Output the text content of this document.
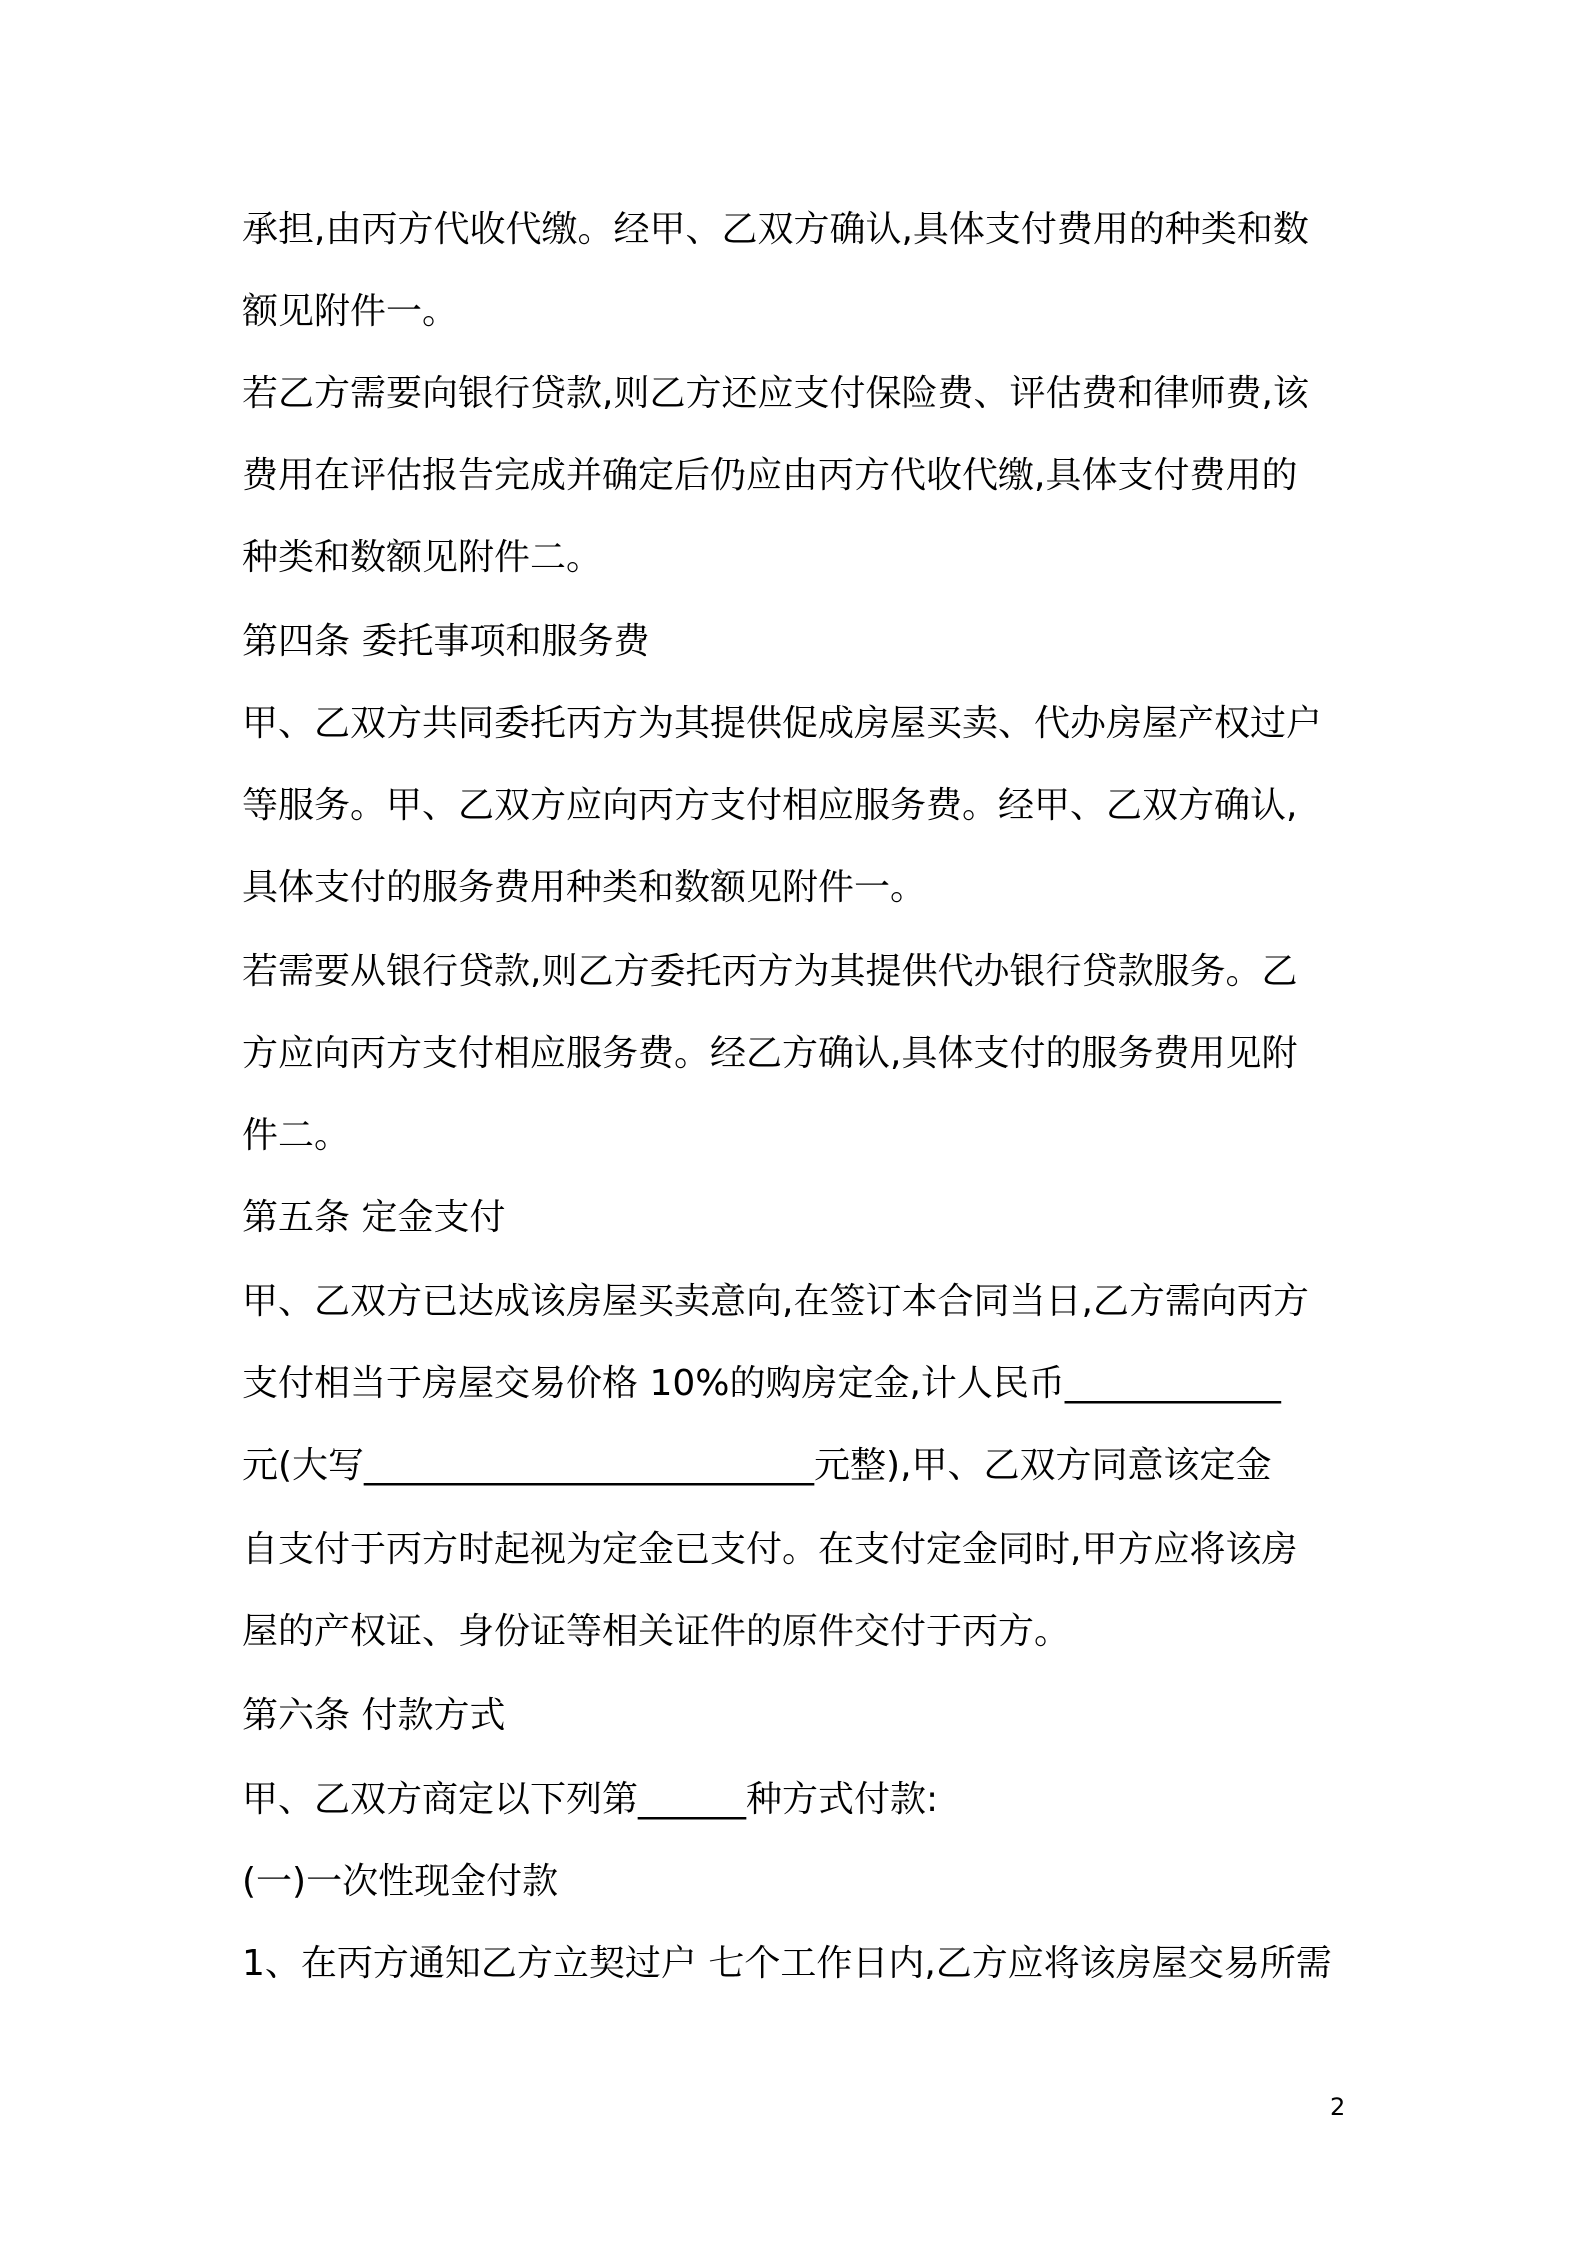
承担,由丙方代收代缴。经甲、乙双方确认,具体支付费用的种类和数
额见附件一。
若乙方需要向银行贷款,则乙方还应支付保险费、评估费和律师费,该
费用在评估报告完成并确定后仍应由丙方代收代缴,具体支付费用的
种类和数额见附件二。
第四条 委托事项和服务费
甲、乙双方共同委托丙方为其提供促成房屋买卖、代办房屋产权过户
等服务。甲、乙双方应向丙方支付相应服务费。经甲、乙双方确认,
具体支付的服务费用种类和数额见附件一。
若需要从银行贷款,则乙方委托丙方为其提供代办银行贷款服务。乙
方应向丙方支付相应服务费。经乙方确认,具体支付的服务费用见附
件二。
第五条 定金支付
甲、乙双方已达成该房屋买卖意向,在签订本合同当日,乙方需向丙方
支付相当于房屋交易价格 10%的购房定金,计人民币____________
元(大写_________________________元整),甲、乙双方同意该定金
自支付于丙方时起视为定金已支付。在支付定金同时,甲方应将该房
屋的产权证、身份证等相关证件的原件交付于丙方。
第六条 付款方式
甲、乙双方商定以下列第______种方式付款:
(一)一次性现金付款
1、在丙方通知乙方立契过户 七个工作日内,乙方应将该房屋交易所需
2
